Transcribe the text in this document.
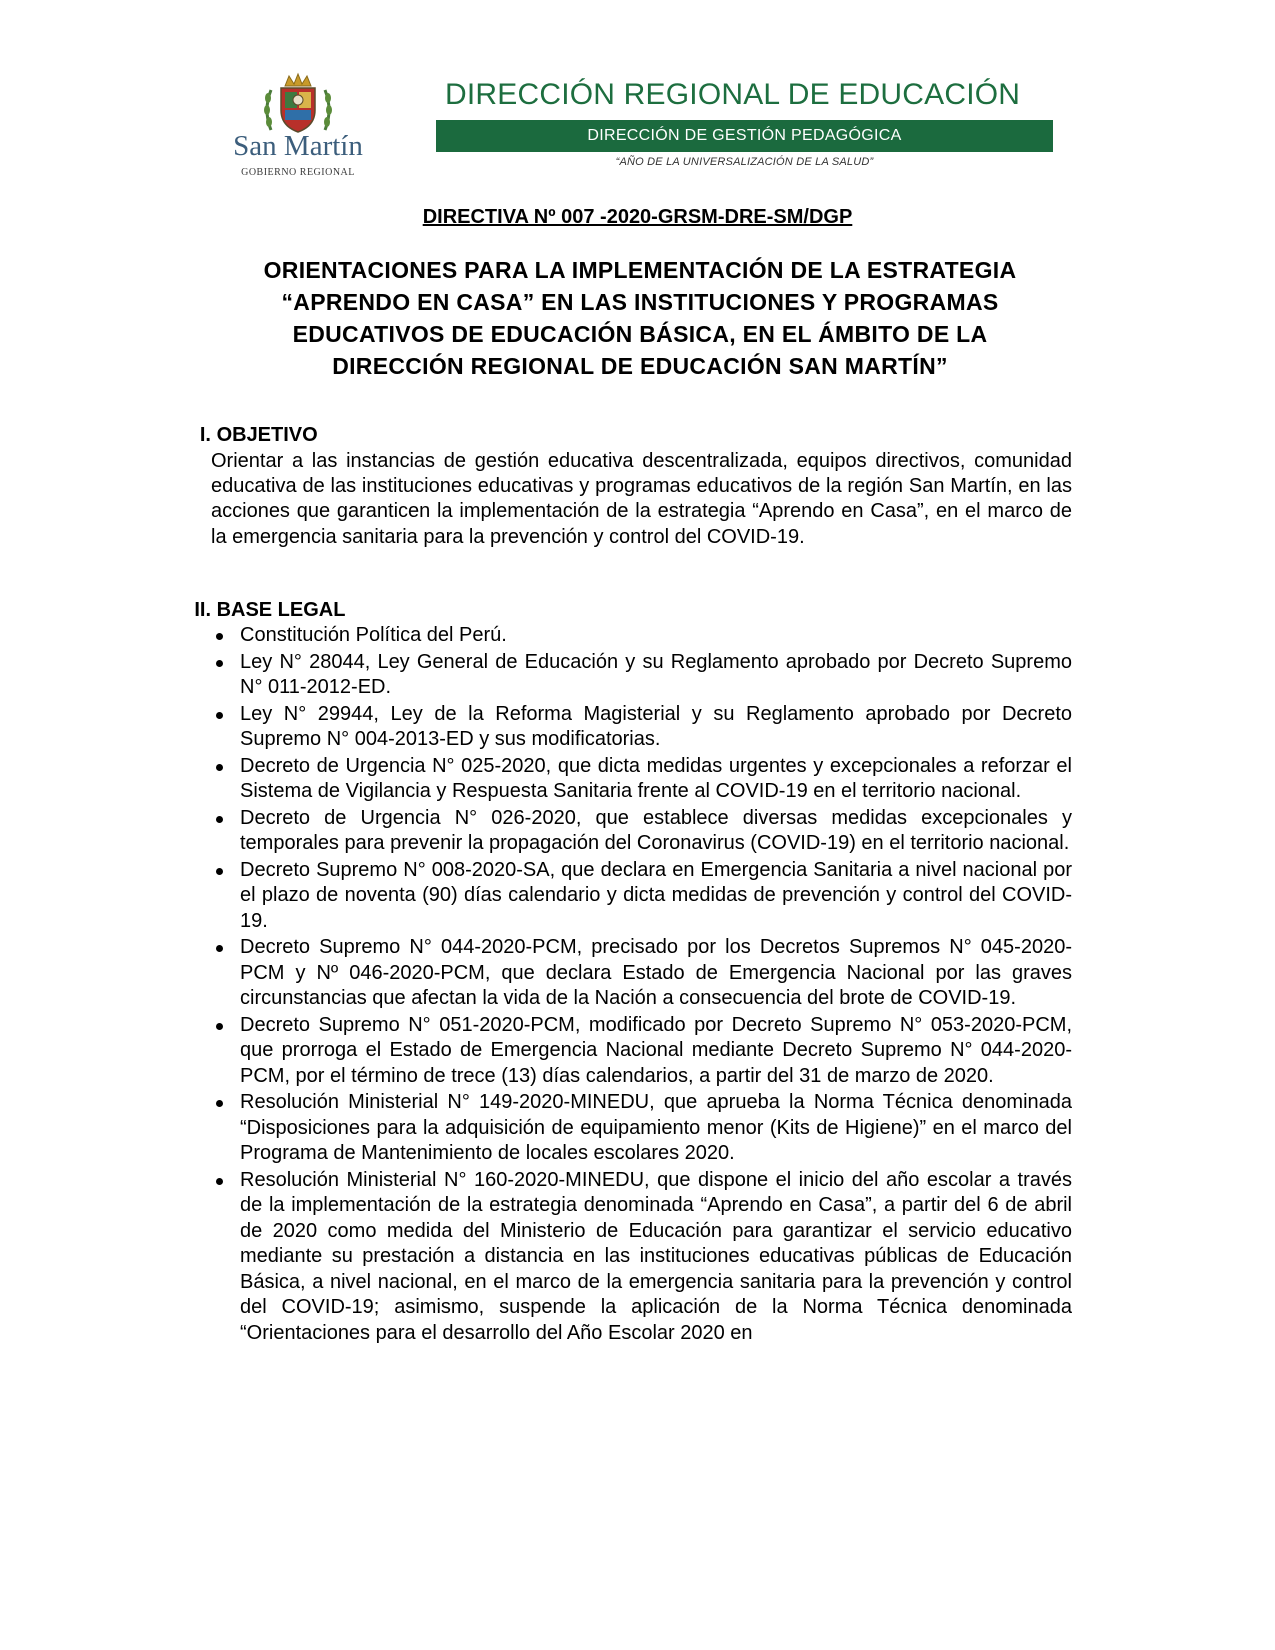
San Martín
GOBIERNO REGIONAL
DIRECCIÓN REGIONAL DE EDUCACIÓN
DIRECCIÓN DE GESTIÓN PEDAGÓGICA
“AÑO DE LA UNIVERSALIZACIÓN DE LA SALUD”
DIRECTIVA Nº 007 -2020-GRSM-DRE-SM/DGP
ORIENTACIONES PARA LA IMPLEMENTACIÓN DE LA ESTRATEGIA
“APRENDO EN CASA” EN LAS INSTITUCIONES Y PROGRAMAS
EDUCATIVOS DE EDUCACIÓN BÁSICA, EN EL ÁMBITO DE LA
DIRECCIÓN REGIONAL DE EDUCACIÓN SAN MARTÍN”
I. OBJETIVO
Orientar a las instancias de gestión educativa descentralizada, equipos directivos, comunidad educativa de las instituciones educativas y programas educativos de la región San Martín, en las acciones que garanticen la implementación de la estrategia “Aprendo en Casa”, en el marco de la emergencia sanitaria para la prevención y control del COVID-19.
II. BASE LEGAL
Constitución Política del Perú.
Ley N° 28044, Ley General de Educación y su Reglamento aprobado por Decreto Supremo N° 011-2012-ED.
Ley N° 29944, Ley de la Reforma Magisterial y su Reglamento aprobado por Decreto Supremo N° 004-2013-ED y sus modificatorias.
Decreto de Urgencia N° 025-2020, que dicta medidas urgentes y excepcionales a reforzar el Sistema de Vigilancia y Respuesta Sanitaria frente al COVID-19 en el territorio nacional.
Decreto de Urgencia N° 026-2020, que establece diversas medidas excepcionales y temporales para prevenir la propagación del Coronavirus (COVID-19) en el territorio nacional.
Decreto Supremo N° 008-2020-SA, que declara en Emergencia Sanitaria a nivel nacional por el plazo de noventa (90) días calendario y dicta medidas de prevención y control del COVID-19.
Decreto Supremo N° 044-2020-PCM, precisado por los Decretos Supremos N° 045-2020-PCM y Nº 046-2020-PCM, que declara Estado de Emergencia Nacional por las graves circunstancias que afectan la vida de la Nación a consecuencia del brote de COVID-19.
Decreto Supremo N° 051-2020-PCM, modificado por Decreto Supremo N° 053-2020-PCM, que prorroga el Estado de Emergencia Nacional mediante Decreto Supremo N° 044-2020-PCM, por el término de trece (13) días calendarios, a partir del 31 de marzo de 2020.
Resolución Ministerial N° 149-2020-MINEDU, que aprueba la Norma Técnica denominada “Disposiciones para la adquisición de equipamiento menor (Kits de Higiene)” en el marco del Programa de Mantenimiento de locales escolares 2020.
Resolución Ministerial N° 160-2020-MINEDU, que dispone el inicio del año escolar a través de la implementación de la estrategia denominada “Aprendo en Casa”, a partir del 6 de abril de 2020 como medida del Ministerio de Educación para garantizar el servicio educativo mediante su prestación a distancia en las instituciones educativas públicas de Educación Básica, a nivel nacional, en el marco de la emergencia sanitaria para la prevención y control del COVID-19; asimismo, suspende la aplicación de la Norma Técnica denominada “Orientaciones para el desarrollo del Año Escolar 2020 en
